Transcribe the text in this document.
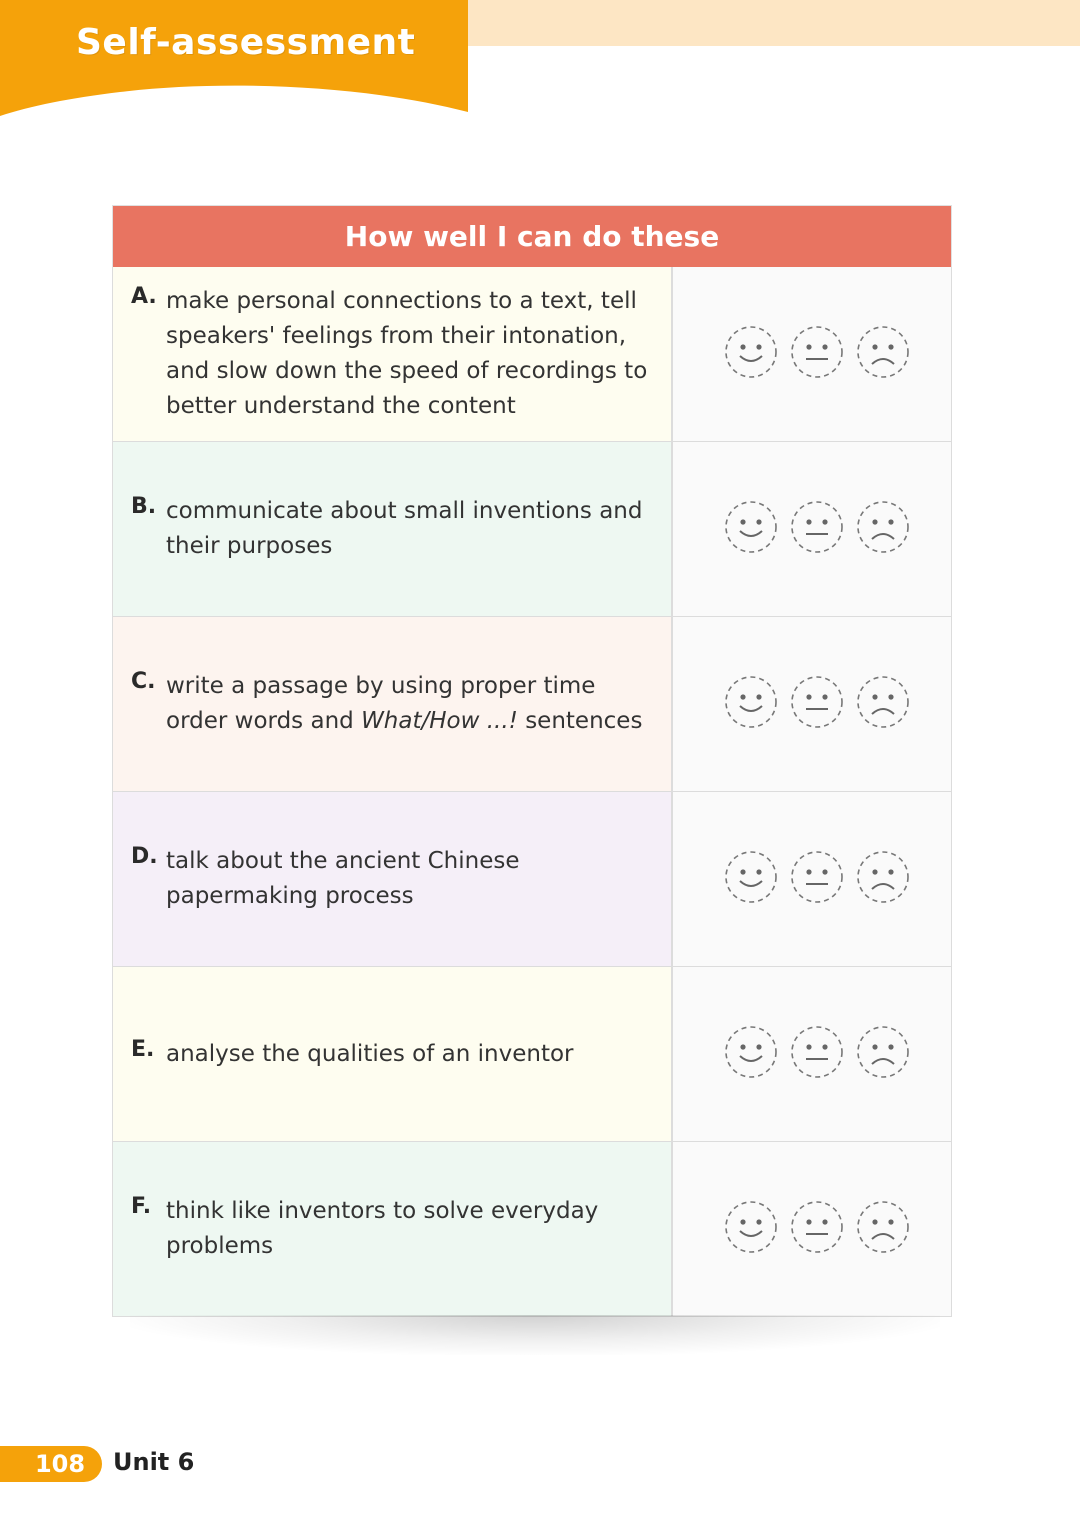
Self-assessment
How well I can do these
A. make personal connections to a text, tell speakers' feelings from their intonation, and slow down the speed of recordings to better understand the content
B. communicate about small inventions and their purposes
C. write a passage by using proper time order words and What/How ...! sentences
D. talk about the ancient Chinese papermaking process
E. analyse the qualities of an inventor
F. think like inventors to solve everyday problems
108	Unit 6
